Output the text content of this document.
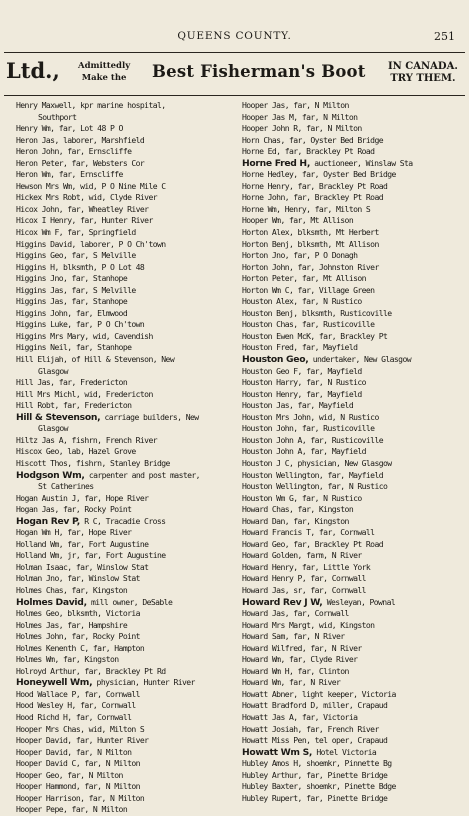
QUEENS COUNTY.	251
Ltd., Admittedly
Make the Best Fisherman's Boot IN CANADA.
TRY THEM.
Henry Maxwell, kpr marine hospital,
Southport
Henry Wm, far, Lot 48 P O
Heron Jas, laborer, Marshfield
Heron John, far, Ernscliffe
Heron Peter, far, Websters Cor
Heron Wm, far, Ernscliffe
Hewson Mrs Wm, wid, P O Nine Mile C
Hickex Mrs Robt, wid, Clyde River
Hicox John, far, Wheatley River
Hicox I Henry, far, Hunter River
Hicox Wm F, far, Springfield
Higgins David, laborer, P O Ch'town
Higgins Geo, far, S Melville
Higgins H, blksmth, P O Lot 48
Higgins Jno, far, Stanhope
Higgins Jas, far, S Melville
Higgins Jas, far, Stanhope
Higgins John, far, Elmwood
Higgins Luke, far, P O Ch'town
Higgins Mrs Mary, wid, Cavendish
Higgins Neil, far, Stanhope
Hill Elijah, of Hill & Stevenson, New
Glasgow
Hill Jas, far, Fredericton
Hill Mrs Michl, wid, Fredericton
Hill Robt, far, Fredericton
Hill & Stevenson, carriage builders, New
Glasgow
Hiltz Jas A, fishrn, French River
Hiscox Geo, lab, Hazel Grove
Hiscott Thos, fishrn, Stanley Bridge
Hodgson Wm, carpenter and post master,
St Catherines
Hogan Austin J, far, Hope River
Hogan Jas, far, Rocky Point
Hogan Rev P, R C, Tracadie Cross
Hogan Wm H, far, Hope River
Holland Wm, far, Fort Augustine
Holland Wm, jr, far, Fort Augustine
Holman Isaac, far, Winslow Stat
Holman Jno, far, Winslow Stat
Holmes Chas, far, Kingston
Holmes David, mill owner, DeSable
Holmes Geo, blksmth, Victoria
Holmes Jas, far, Hampshire
Holmes John, far, Rocky Point
Holmes Kenenth C, far, Hampton
Holmes Wm, far, Kingston
Holroyd Arthur, far, Brackley Pt Rd
Honeywell Wm, physician, Hunter River
Hood Wallace P, far, Cornwall
Hood Wesley H, far, Cornwall
Hood Richd H, far, Cornwall
Hooper Mrs Chas, wid, Milton S
Hooper David, far, Hunter River
Hooper David, far, N Milton
Hooper David C, far, N Milton
Hooper Geo, far, N Milton
Hooper Hammond, far, N Milton
Hooper Harrison, far, N Milton
Hooper Pepe, far, N Milton
Hooper Jas, far, N Milton
Hooper Jas M, far, N Milton
Hooper John R, far, N Milton
Horn Chas, far, Oyster Bed Bridge
Horne Ed, far, Brackley Pt Road
Horne Fred H, auctioneer, Winslaw Sta
Horne Hedley, far, Oyster Bed Bridge
Horne Henry, far, Brackley Pt Road
Horne John, far, Brackley Pt Road
Horne Wm, Henry, far, Milton S
Hooper Wm, far, Mt Allison
Horton Alex, blksmth, Mt Herbert
Horton Benj, blksmth, Mt Allison
Horton Jno, far, P O Donagh
Horton John, far, Johnston River
Horton Peter, far, Mt Allison
Horton Wm C, far, Village Green
Houston Alex, far, N Rustico
Houston Benj, blksmth, Rusticoville
Houston Chas, far, Rusticoville
Houston Ewen McK, far, Brackley Pt
Houston Fred, far, Mayfield
Houston Geo, undertaker, New Glasgow
Houston Geo F, far, Mayfield
Houston Harry, far, N Rustico
Houston Henry, far, Mayfield
Houston Jas, far, Mayfield
Houston Mrs John, wid, N Rustico
Houston John, far, Rusticoville
Houston John A, far, Rusticoville
Houston John A, far, Mayfield
Houston J C, physician, New Glasgow
Houston Wellington, far, Mayfield
Houston Wellington, far, N Rustico
Houston Wm G, far, N Rustico
Howard Chas, far, Kingston
Howard Dan, far, Kingston
Howard Francis T, far, Cornwall
Howard Geo, far, Brackley Pt Road
Howard Golden, farm, N River
Howard Henry, far, Little York
Howard Henry P, far, Cornwall
Howard Jas, sr, far, Cornwall
Howard Rev J W, Wesleyan, Pownal
Howard Jas, far, Cornwall
Howard Mrs Margt, wid, Kingston
Howard Sam, far, N River
Howard Wilfred, far, N River
Howard Wm, far, Clyde River
Howard Wm H, far, Clinton
Howard Wm, far, N River
Howatt Abner, light keeper, Victoria
Howatt Bradford D, miller, Crapaud
Howatt Jas A, far, Victoria
Howatt Josiah, far, French River
Howatt Miss Pen, tel oper, Crapaud
Howatt Wm S, Hotel Victoria
Hubley Amos H, shoemkr, Pinnette Bg
Hubley Arthur, far, Pinette Bridge
Hubley Baxter, shoemkr, Pinette Bdge
Hubley Rupert, far, Pinette Bridge
